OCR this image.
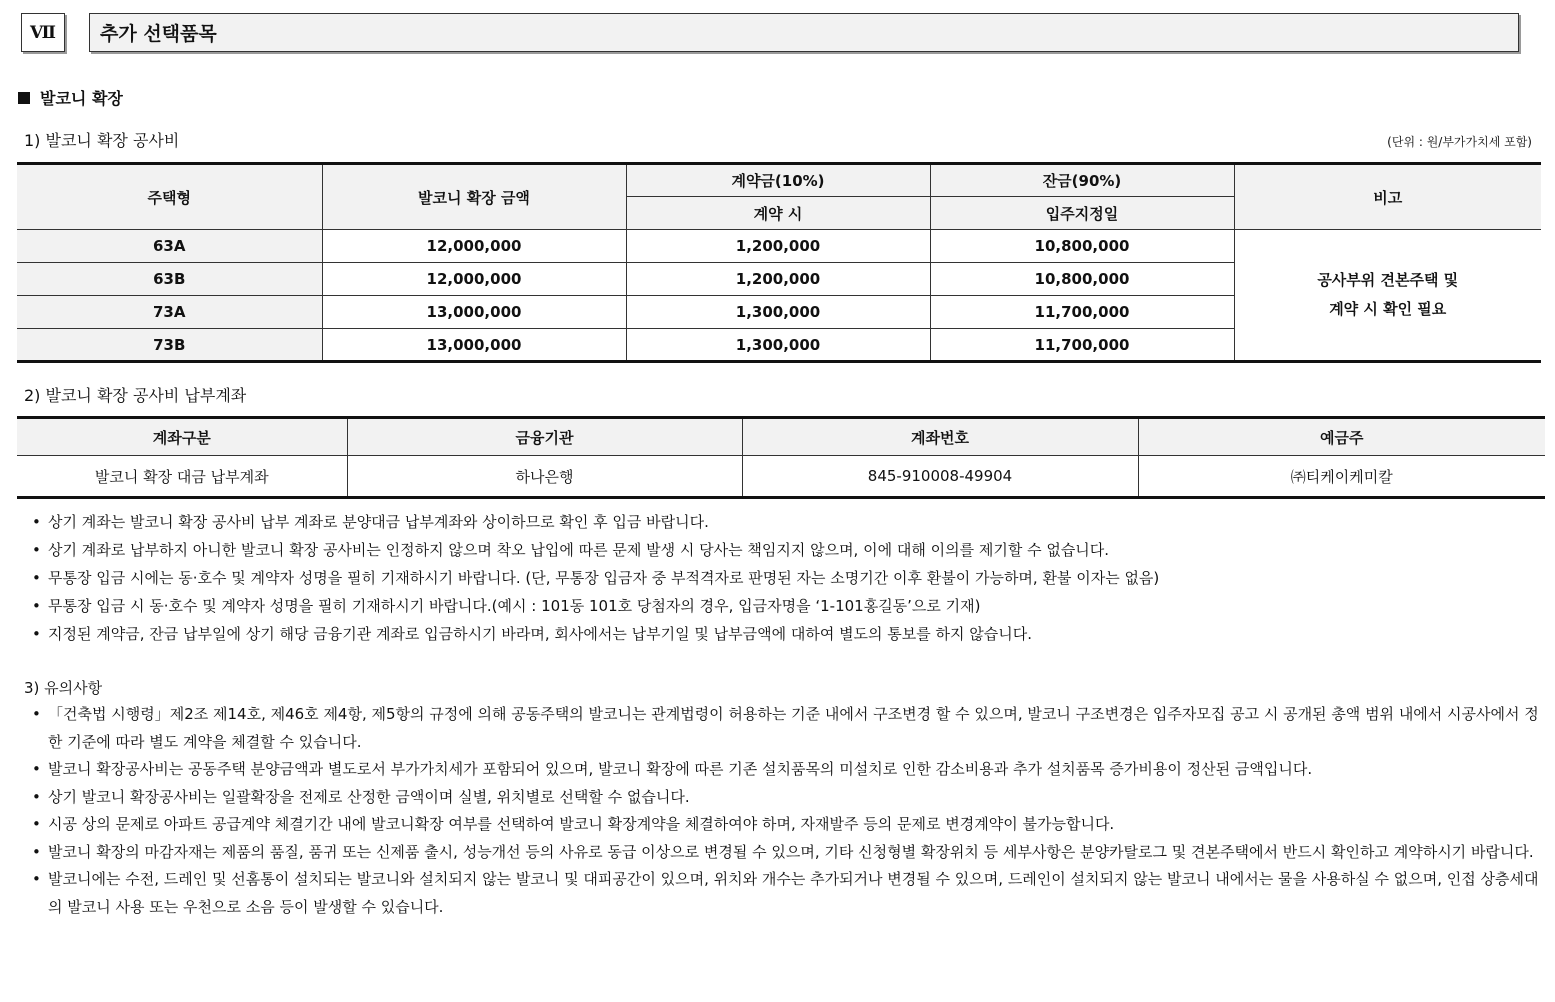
Ⅶ 추가 선택품목
발코니 확장
1) 발코니 확장 공사비	(단위 : 원/부가가치세 포함)
주택형	발코니 확장 금액	계약금(10%)	잔금(90%)	비고
		계약 시	입주지정일	
63A	12,000,000	1,200,000	10,800,000	공사부위 견본주택 및
계약 시 확인 필요

63B	12,000,000	1,200,000	10,800,000	
73A	13,000,000	1,300,000	11,700,000	
73B	13,000,000	1,300,000	11,700,000	
2) 발코니 확장 공사비 납부계좌
계좌구분	금융기관	계좌번호	예금주
발코니 확장 대금 납부계좌	하나은행	845-910008-49904	㈜티케이케미칼
• 상기 계좌는 발코니 확장 공사비 납부 계좌로 분양대금 납부계좌와 상이하므로 확인 후 입금 바랍니다.
• 상기 계좌로 납부하지 아니한 발코니 확장 공사비는 인정하지 않으며 착오 납입에 따른 문제 발생 시 당사는 책임지지 않으며, 이에 대해 이의를 제기할 수 없습니다.
• 무통장 입금 시에는 동·호수 및 계약자 성명을 필히 기재하시기 바랍니다. (단, 무통장 입금자 중 부적격자로 판명된 자는 소명기간 이후 환불이 가능하며, 환불 이자는 없음)
• 무통장 입금 시 동·호수 및 계약자 성명을 필히 기재하시기 바랍니다.(예시 : 101동 101호 당첨자의 경우, 입금자명을 ‘1-101홍길동’으로 기재)
• 지정된 계약금, 잔금 납부일에 상기 해당 금융기관 계좌로 입금하시기 바라며, 회사에서는 납부기일 및 납부금액에 대하여 별도의 통보를 하지 않습니다.
3) 유의사항
• 「건축법 시행령」제2조 제14호, 제46호 제4항, 제5항의 규정에 의해 공동주택의 발코니는 관계법령이 허용하는 기준 내에서 구조변경 할 수 있으며, 발코니 구조변경은 입주자모집 공고 시 공개된 총액 범위 내에서 시공사에서 정한 기준에 따라 별도 계약을 체결할 수 있습니다.
• 발코니 확장공사비는 공동주택 분양금액과 별도로서 부가가치세가 포함되어 있으며, 발코니 확장에 따른 기존 설치품목의 미설치로 인한 감소비용과 추가 설치품목 증가비용이 정산된 금액입니다.
• 상기 발코니 확장공사비는 일괄확장을 전제로 산정한 금액이며 실별, 위치별로 선택할 수 없습니다.
• 시공 상의 문제로 아파트 공급계약 체결기간 내에 발코니확장 여부를 선택하여 발코니 확장계약을 체결하여야 하며, 자재발주 등의 문제로 변경계약이 불가능합니다.
• 발코니 확장의 마감자재는 제품의 품질, 품귀 또는 신제품 출시, 성능개선 등의 사유로 동급 이상으로 변경될 수 있으며, 기타 신청형별 확장위치 등 세부사항은 분양카탈로그 및 견본주택에서 반드시 확인하고 계약하시기 바랍니다.
• 발코니에는 수전, 드레인 및 선홈통이 설치되는 발코니와 설치되지 않는 발코니 및 대피공간이 있으며, 위치와 개수는 추가되거나 변경될 수 있으며, 드레인이 설치되지 않는 발코니 내에서는 물을 사용하실 수 없으며, 인접 상층세대의 발코니 사용 또는 우천으로 소음 등이 발생할 수 있습니다.
